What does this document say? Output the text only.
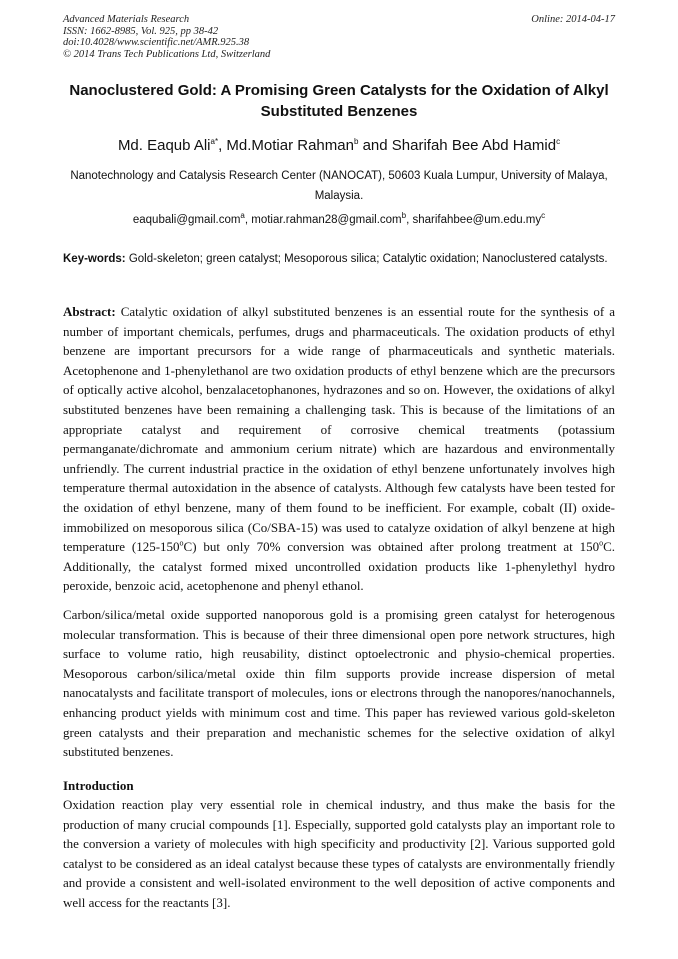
Advanced Materials Research
ISSN: 1662-8985, Vol. 925, pp 38-42
doi:10.4028/www.scientific.net/AMR.925.38
© 2014 Trans Tech Publications Ltd, Switzerland
Online: 2014-04-17
Nanoclustered Gold: A Promising Green Catalysts for the Oxidation of Alkyl Substituted Benzenes
Md. Eaqub Ali$^{a*}$, Md.Motiar Rahman$^b$ and Sharifah Bee Abd Hamid$^c$
Nanotechnology and Catalysis Research Center (NANOCAT), 50603 Kuala Lumpur, University of Malaya, Malaysia.
eaqubali@gmail.com$^a$, motiar.rahman28@gmail.com$^b$, $sharifahbee@um.edu.my^c$
Key-words: Gold-skeleton; green catalyst; Mesoporous silica; Catalytic oxidation; Nanoclustered catalysts.
Abstract: Catalytic oxidation of alkyl substituted benzenes is an essential route for the synthesis of a number of important chemicals, perfumes, drugs and pharmaceuticals. The oxidation products of ethyl benzene are important precursors for a wide range of pharmaceuticals and synthetic materials. Acetophenone and 1-phenylethanol are two oxidation products of ethyl benzene which are the precursors of optically active alcohol, benzalacetophanones, hydrazones and so on. However, the oxidations of alkyl substituted benzenes have been remaining a challenging task. This is because of the limitations of an appropriate catalyst and requirement of corrosive chemical treatments (potassium permanganate/dichromate and ammonium cerium nitrate) which are hazardous and environmentally unfriendly. The current industrial practice in the oxidation of ethyl benzene unfortunately involves high temperature thermal autoxidation in the absence of catalysts. Although few catalysts have been tested for the oxidation of ethyl benzene, many of them found to be inefficient. For example, cobalt (II) oxide-immobilized on mesoporous silica (Co/SBA-15) was used to catalyze oxidation of alkyl benzene at high temperature (125-150$^o$C) but only 70% conversion was obtained after prolong treatment at 150$^o$C. Additionally, the catalyst formed mixed uncontrolled oxidation products like 1-phenylethyl hydro peroxide, benzoic acid, acetophenone and phenyl ethanol.
Carbon/silica/metal oxide supported nanoporous gold is a promising green catalyst for heterogenous molecular transformation. This is because of their three dimensional open pore network structures, high surface to volume ratio, high reusability, distinct optoelectronic and physio-chemical properties. Mesoporous carbon/silica/metal oxide thin film supports provide increase dispersion of metal nanocatalysts and facilitate transport of molecules, ions or electrons through the nanopores/nanochannels, enhancing product yields with minimum cost and time. This paper has reviewed various gold-skeleton green catalysts and their preparation and mechanistic schemes for the selective oxidation of alkyl substituted benzenes.
Introduction
Oxidation reaction play very essential role in chemical industry, and thus make the basis for the production of many crucial compounds [1]. Especially, supported gold catalysts play an important role to the conversion a variety of molecules with high specificity and productivity [2]. Various supported gold catalyst to be considered as an ideal catalyst because these types of catalysts are environmentally friendly and provide a consistent and well-isolated environment to the well deposition of active components and well access for the reactants [3].
